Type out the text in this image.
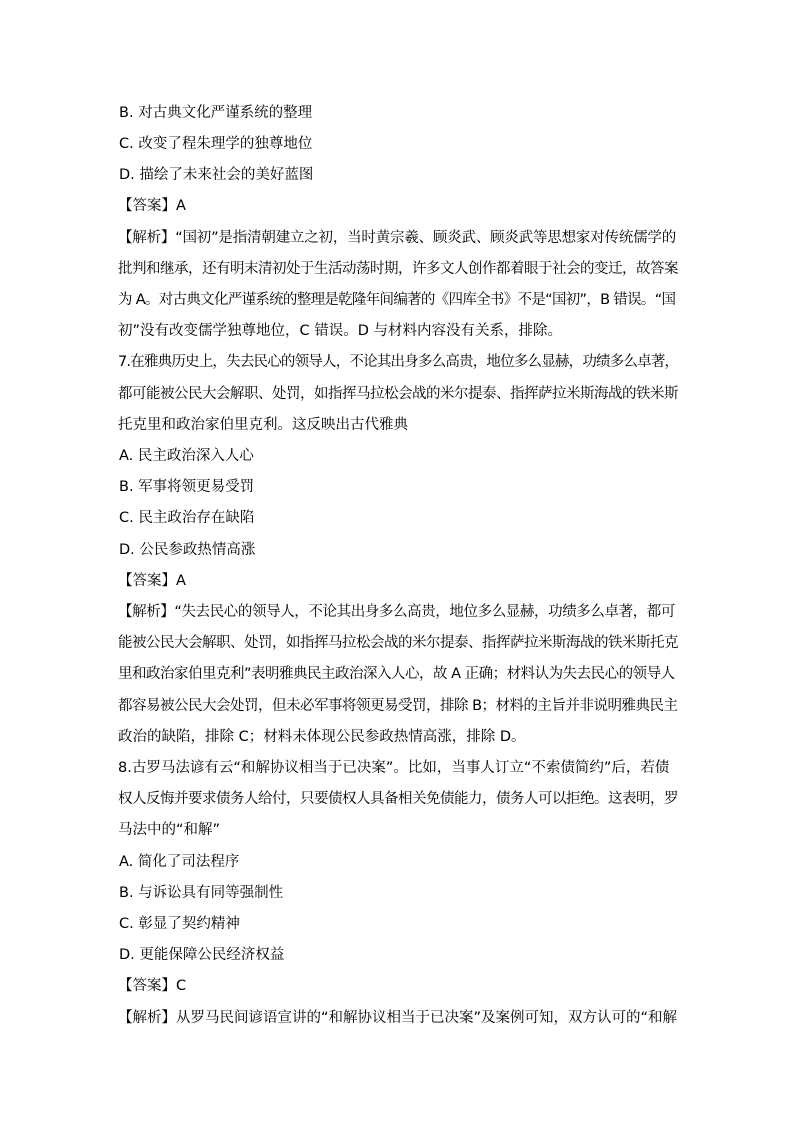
B. 对古典文化严谨系统的整理
C. 改变了程朱理学的独尊地位
D. 描绘了未来社会的美好蓝图
【答案】A
【解析】“国初”是指清朝建立之初，当时黄宗羲、顾炎武、顾炎武等思想家对传统儒学的
批判和继承，还有明末清初处于生活动荡时期，许多文人创作都着眼于社会的变迁，故答案
为 A。对古典文化严谨系统的整理是乾隆年间编著的《四库全书》不是“国初”，B 错误。“国
初”没有改变儒学独尊地位，C 错误。D 与材料内容没有关系，排除。
7.在雅典历史上，失去民心的领导人，不论其出身多么高贵，地位多么显赫，功绩多么卓著，
都可能被公民大会解职、处罚，如指挥马拉松会战的米尔提泰、指挥萨拉米斯海战的铁米斯
托克里和政治家伯里克利。这反映出古代雅典
A. 民主政治深入人心
B. 军事将领更易受罚
C. 民主政治存在缺陷
D. 公民参政热情高涨
【答案】A
【解析】“失去民心的领导人，不论其出身多么高贵，地位多么显赫，功绩多么卓著，都可
能被公民大会解职、处罚，如指挥马拉松会战的米尔提泰、指挥萨拉米斯海战的铁米斯托克
里和政治家伯里克利”表明雅典民主政治深入人心，故 A 正确；材料认为失去民心的领导人
都容易被公民大会处罚，但未必军事将领更易受罚，排除 B；材料的主旨并非说明雅典民主
政治的缺陷，排除 C；材料未体现公民参政热情高涨，排除 D。
8.古罗马法谚有云“和解协议相当于已决案”。比如，当事人订立“不索债简约”后，若债
权人反悔并要求债务人给付，只要债权人具备相关免债能力，债务人可以拒绝。这表明，罗
马法中的“和解”
A. 简化了司法程序
B. 与诉讼具有同等强制性
C. 彰显了契约精神
D. 更能保障公民经济权益
【答案】C
【解析】从罗马民间谚语宣讲的“和解协议相当于已决案”及案例可知，双方认可的“和解
